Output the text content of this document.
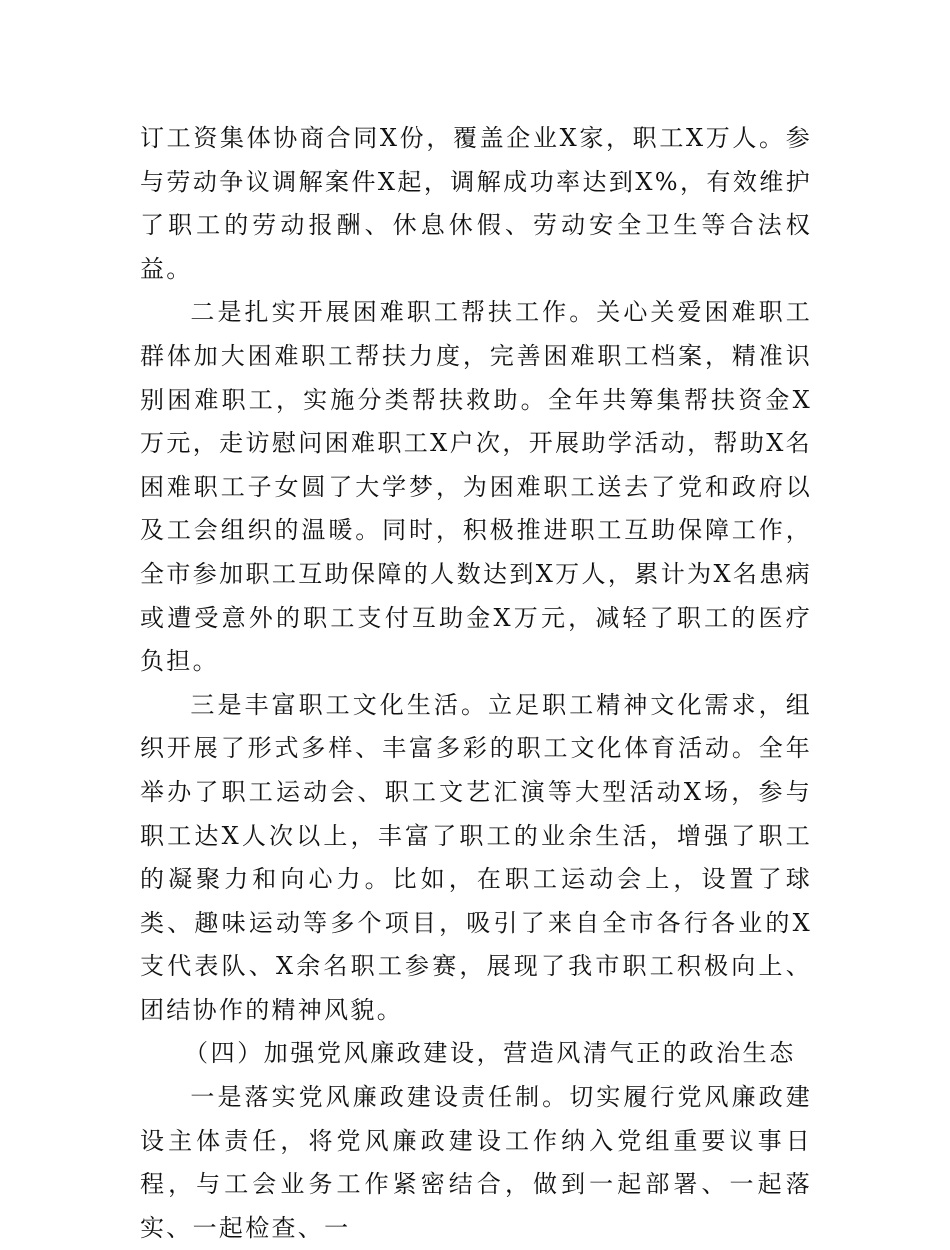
订工资集体协商合同X份，覆盖企业X家，职工X万人。参与劳动争议调解案件X起，调解成功率达到X%，有效维护了职工的劳动报酬、休息休假、劳动安全卫生等合法权益。

二是扎实开展困难职工帮扶工作。关心关爱困难职工群体加大困难职工帮扶力度，完善困难职工档案，精准识别困难职工，实施分类帮扶救助。全年共筹集帮扶资金X万元，走访慰问困难职工X户次，开展助学活动，帮助X名困难职工子女圆了大学梦，为困难职工送去了党和政府以及工会组织的温暖。同时，积极推进职工互助保障工作，全市参加职工互助保障的人数达到X万人，累计为X名患病或遭受意外的职工支付互助金X万元，减轻了职工的医疗负担。

三是丰富职工文化生活。立足职工精神文化需求，组织开展了形式多样、丰富多彩的职工文化体育活动。全年举办了职工运动会、职工文艺汇演等大型活动X场，参与职工达X人次以上，丰富了职工的业余生活，增强了职工的凝聚力和向心力。比如，在职工运动会上，设置了球类、趣味运动等多个项目，吸引了来自全市各行各业的X支代表队、X余名职工参赛，展现了我市职工积极向上、团结协作的精神风貌。

（四）加强党风廉政建设，营造风清气正的政治生态

一是落实党风廉政建设责任制。切实履行党风廉政建设主体责任，将党风廉政建设工作纳入党组重要议事日程，与工会业务工作紧密结合，做到一起部署、一起落实、一起检查、一
